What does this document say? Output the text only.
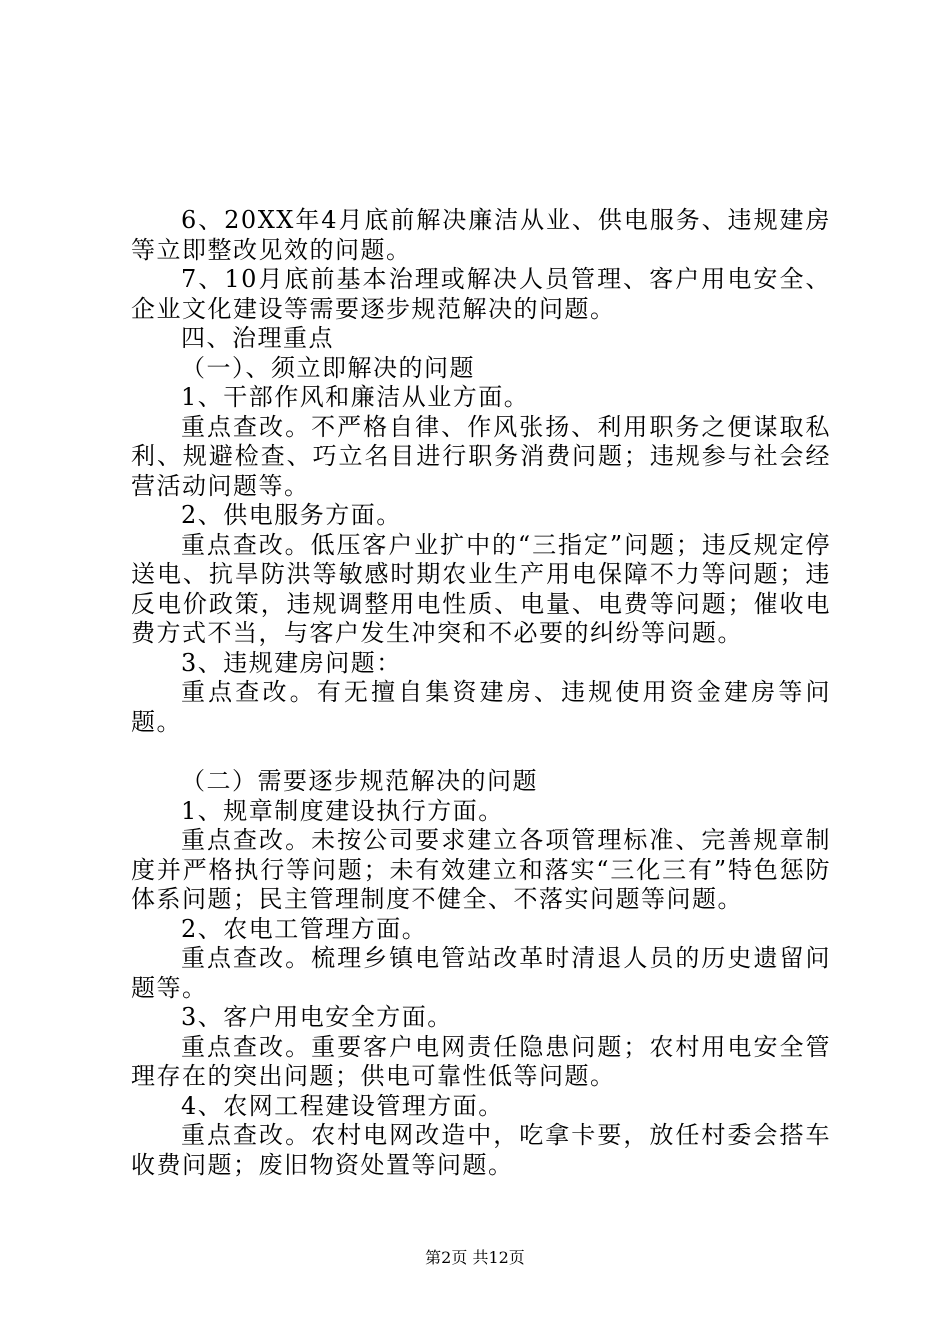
6、20XX年4月底前解决廉洁从业、供电服务、违规建房等立即整改见效的问题。

7、10月底前基本治理或解决人员管理、客户用电安全、企业文化建设等需要逐步规范解决的问题。

四、治理重点

（一）、须立即解决的问题

1、干部作风和廉洁从业方面。

重点查改。不严格自律、作风张扬、利用职务之便谋取私利、规避检查、巧立名目进行职务消费问题；违规参与社会经营活动问题等。

2、供电服务方面。

重点查改。低压客户业扩中的“三指定”问题；违反规定停送电、抗旱防洪等敏感时期农业生产用电保障不力等问题；违反电价政策，违规调整用电性质、电量、电费等问题；催收电费方式不当，与客户发生冲突和不必要的纠纷等问题。

3、违规建房问题：

重点查改。有无擅自集资建房、违规使用资金建房等问题。

（二）需要逐步规范解决的问题

1、规章制度建设执行方面。

重点查改。未按公司要求建立各项管理标准、完善规章制度并严格执行等问题；未有效建立和落实“三化三有”特色惩防体系问题；民主管理制度不健全、不落实问题等问题。

2、农电工管理方面。

重点查改。梳理乡镇电管站改革时清退人员的历史遗留问题等。

3、客户用电安全方面。

重点查改。重要客户电网责任隐患问题；农村用电安全管理存在的突出问题；供电可靠性低等问题。

4、农网工程建设管理方面。

重点查改。农村电网改造中，吃拿卡要，放任村委会搭车收费问题；废旧物资处置等问题。

第2页 共12页
